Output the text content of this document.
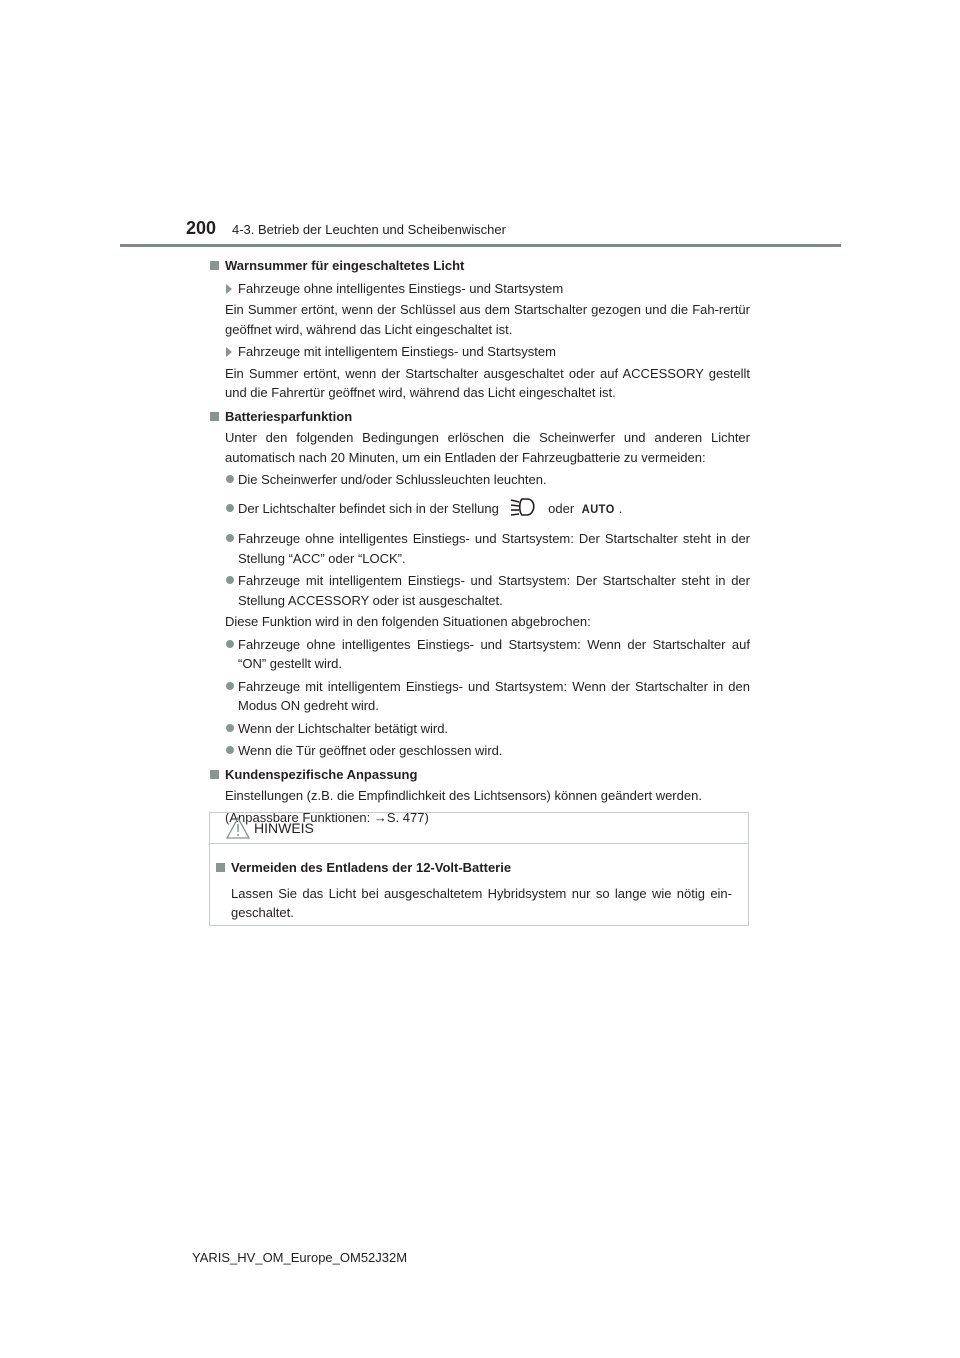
200 4-3. Betrieb der Leuchten und Scheibenwischer
Warnsummer für eingeschaltetes Licht
Fahrzeuge ohne intelligentes Einstiegs- und Startsystem
Ein Summer ertönt, wenn der Schlüssel aus dem Startschalter gezogen und die Fah-rertür geöffnet wird, während das Licht eingeschaltet ist.
Fahrzeuge mit intelligentem Einstiegs- und Startsystem
Ein Summer ertönt, wenn der Startschalter ausgeschaltet oder auf ACCESSORY gestellt und die Fahrertür geöffnet wird, während das Licht eingeschaltet ist.
Batteriesparfunktion
Unter den folgenden Bedingungen erlöschen die Scheinwerfer und anderen Lichter automatisch nach 20 Minuten, um ein Entladen der Fahrzeugbatterie zu vermeiden:
Die Scheinwerfer und/oder Schlussleuchten leuchten.
Der Lichtschalter befindet sich in der Stellung	oder AUTO .
Fahrzeuge ohne intelligentes Einstiegs- und Startsystem: Der Startschalter steht in der Stellung “ACC” oder “LOCK”.
Fahrzeuge mit intelligentem Einstiegs- und Startsystem: Der Startschalter steht in der Stellung ACCESSORY oder ist ausgeschaltet.
Diese Funktion wird in den folgenden Situationen abgebrochen:
Fahrzeuge ohne intelligentes Einstiegs- und Startsystem: Wenn der Startschalter auf “ON” gestellt wird.
Fahrzeuge mit intelligentem Einstiegs- und Startsystem: Wenn der Startschalter in den Modus ON gedreht wird.
Wenn der Lichtschalter betätigt wird.
Wenn die Tür geöffnet oder geschlossen wird.
Kundenspezifische Anpassung
Einstellungen (z.B. die Empfindlichkeit des Lichtsensors) können geändert werden.
(Anpassbare Funktionen: →S. 477)
HINWEIS
Vermeiden des Entladens der 12-Volt-Batterie
Lassen Sie das Licht bei ausgeschaltetem Hybridsystem nur so lange wie nötig ein-geschaltet.
YARIS_HV_OM_Europe_OM52J32M
